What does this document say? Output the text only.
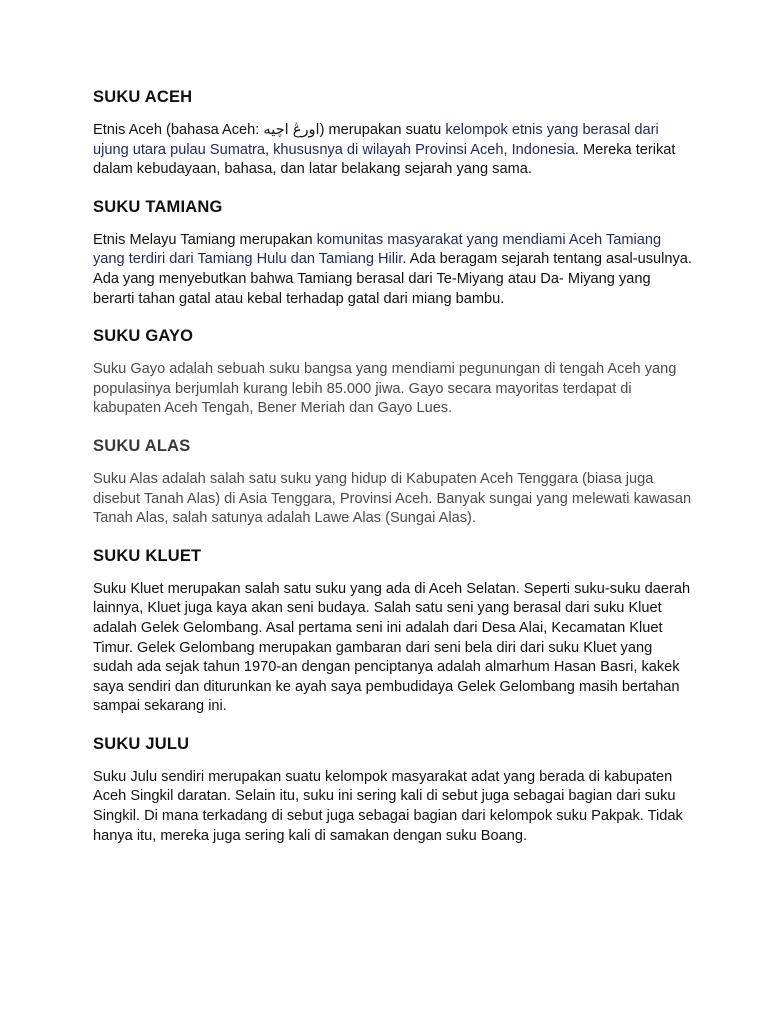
SUKU ACEH

Etnis Aceh (bahasa Aceh: اورڠ اچيه) merupakan suatu kelompok etnis yang berasal dari ujung utara pulau Sumatra, khususnya di wilayah Provinsi Aceh, Indonesia. Mereka terikat dalam kebudayaan, bahasa, dan latar belakang sejarah yang sama.

SUKU TAMIANG

Etnis Melayu Tamiang merupakan komunitas masyarakat yang mendiami Aceh Tamiang yang terdiri dari Tamiang Hulu dan Tamiang Hilir. Ada beragam sejarah tentang asal-usulnya. Ada yang menyebutkan bahwa Tamiang berasal dari Te-Miyang atau Da- Miyang yang berarti tahan gatal atau kebal terhadap gatal dari miang bambu.

SUKU GAYO

Suku Gayo adalah sebuah suku bangsa yang mendiami pegunungan di tengah Aceh yang populasinya berjumlah kurang lebih 85.000 jiwa. Gayo secara mayoritas terdapat di kabupaten Aceh Tengah, Bener Meriah dan Gayo Lues.

SUKU ALAS

Suku Alas adalah salah satu suku yang hidup di Kabupaten Aceh Tenggara (biasa juga disebut Tanah Alas) di Asia Tenggara, Provinsi Aceh. Banyak sungai yang melewati kawasan Tanah Alas, salah satunya adalah Lawe Alas (Sungai Alas).

SUKU KLUET

Suku Kluet merupakan salah satu suku yang ada di Aceh Selatan. Seperti suku-suku daerah lainnya, Kluet juga kaya akan seni budaya. Salah satu seni yang berasal dari suku Kluet adalah Gelek Gelombang. Asal pertama seni ini adalah dari Desa Alai, Kecamatan Kluet Timur. Gelek Gelombang merupakan gambaran dari seni bela diri dari suku Kluet yang sudah ada sejak tahun 1970-an dengan penciptanya adalah almarhum Hasan Basri, kakek saya sendiri dan diturunkan ke ayah saya pembudidaya Gelek Gelombang masih bertahan sampai sekarang ini.

SUKU JULU

Suku Julu sendiri merupakan suatu kelompok masyarakat adat yang berada di kabupaten Aceh Singkil daratan. Selain itu, suku ini sering kali di sebut juga sebagai bagian dari suku Singkil. Di mana terkadang di sebut juga sebagai bagian dari kelompok suku Pakpak. Tidak hanya itu, mereka juga sering kali di samakan dengan suku Boang.
